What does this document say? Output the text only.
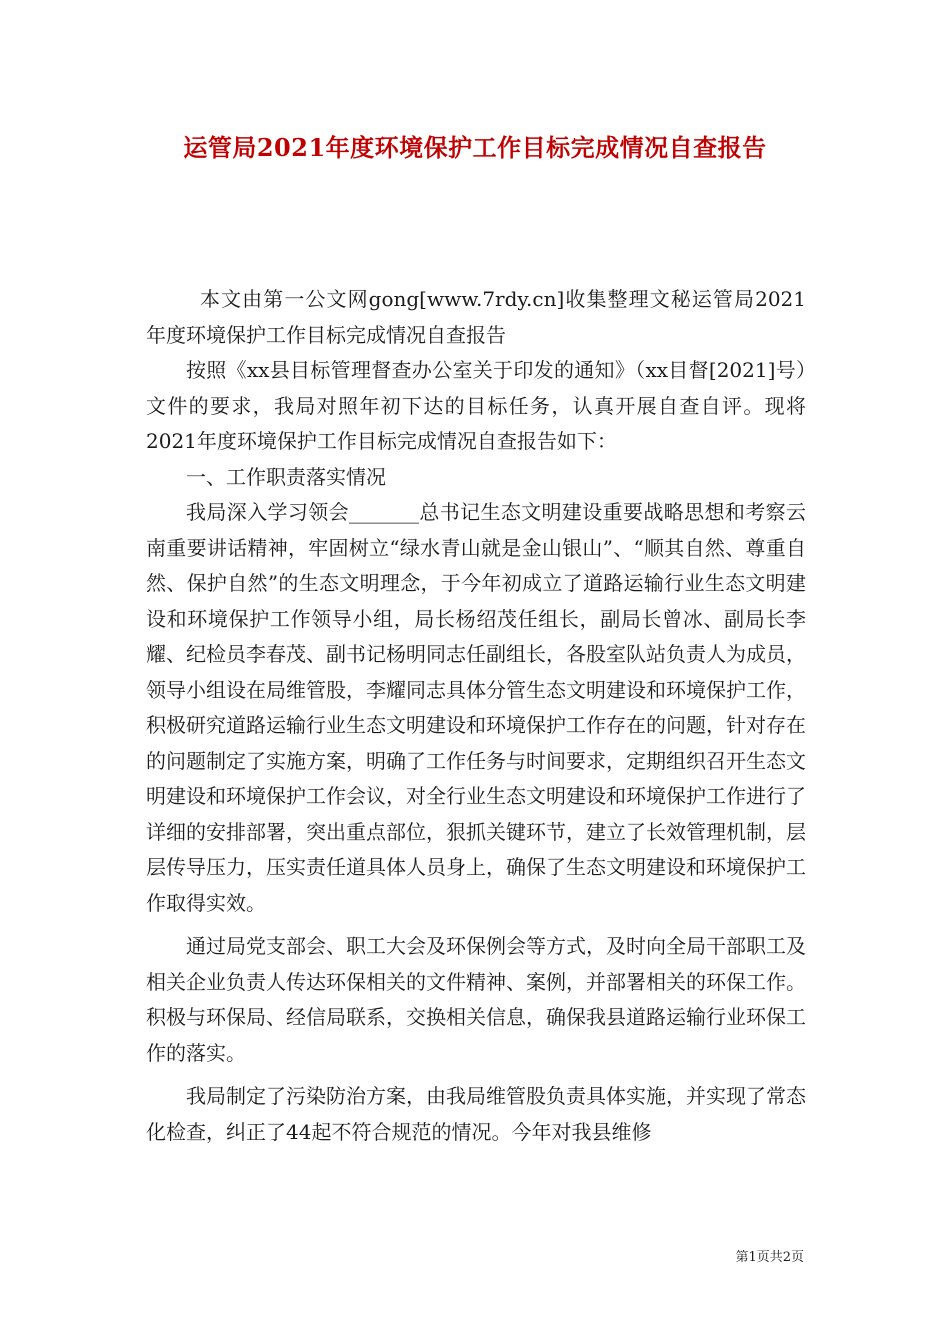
运管局2021年度环境保护工作目标完成情况自查报告

本文由第一公文网gong[www.7rdy.cn]收集整理文秘运管局2021年度环境保护工作目标完成情况自查报告

按照《xx县目标管理督查办公室关于印发的通知》（xx目督[2021]号）文件的要求，我局对照年初下达的目标任务，认真开展自查自评。现将2021年度环境保护工作目标完成情况自查报告如下：

一、工作职责落实情况

我局深入学习领会_______总书记生态文明建设重要战略思想和考察云南重要讲话精神，牢固树立“绿水青山就是金山银山”、“顺其自然、尊重自然、保护自然”的生态文明理念，于今年初成立了道路运输行业生态文明建设和环境保护工作领导小组，局长杨绍茂任组长，副局长曾冰、副局长李耀、纪检员李春茂、副书记杨明同志任副组长，各股室队站负责人为成员，领导小组设在局维管股，李耀同志具体分管生态文明建设和环境保护工作，积极研究道路运输行业生态文明建设和环境保护工作存在的问题，针对存在的问题制定了实施方案，明确了工作任务与时间要求，定期组织召开生态文明建设和环境保护工作会议，对全行业生态文明建设和环境保护工作进行了详细的安排部署，突出重点部位，狠抓关键环节，建立了长效管理机制，层层传导压力，压实责任道具体人员身上，确保了生态文明建设和环境保护工作取得实效。

通过局党支部会、职工大会及环保例会等方式，及时向全局干部职工及相关企业负责人传达环保相关的文件精神、案例，并部署相关的环保工作。积极与环保局、经信局联系，交换相关信息，确保我县道路运输行业环保工作的落实。

我局制定了污染防治方案，由我局维管股负责具体实施，并实现了常态化检查，纠正了44起不符合规范的情况。今年对我县维修

第1页共2页
